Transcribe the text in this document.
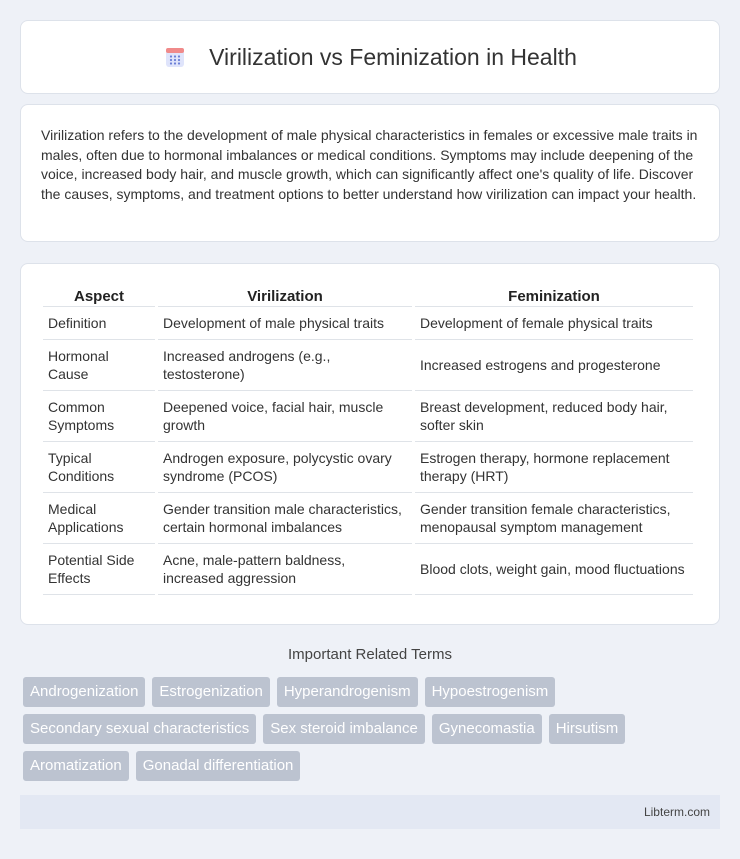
Virilization vs Feminization in Health

Virilization refers to the development of male physical characteristics in females or excessive male traits in males, often due to hormonal imbalances or medical conditions. Symptoms may include deepening of the voice, increased body hair, and muscle growth, which can significantly affect one's quality of life. Discover the causes, symptoms, and treatment options to better understand how virilization can impact your health.

Aspect	Virilization	Feminization
Definition	Development of male physical traits	Development of female physical traits
Hormonal Cause	Increased androgens (e.g., testosterone)	Increased estrogens and progesterone
Common Symptoms	Deepened voice, facial hair, muscle growth	Breast development, reduced body hair, softer skin
Typical Conditions	Androgen exposure, polycystic ovary syndrome (PCOS)	Estrogen therapy, hormone replacement therapy (HRT)
Medical Applications	Gender transition male characteristics, certain hormonal imbalances	Gender transition female characteristics, menopausal symptom management
Potential Side Effects	Acne, male-pattern baldness, increased aggression	Blood clots, weight gain, mood fluctuations
Important Related Terms
Androgenization	Estrogenization	Hyperandrogenism	Hypoestrogenism
Secondary sexual characteristics	Sex steroid imbalance	Gynecomastia	Hirsutism
Aromatization	Gonadal differentiation
Libterm.com
